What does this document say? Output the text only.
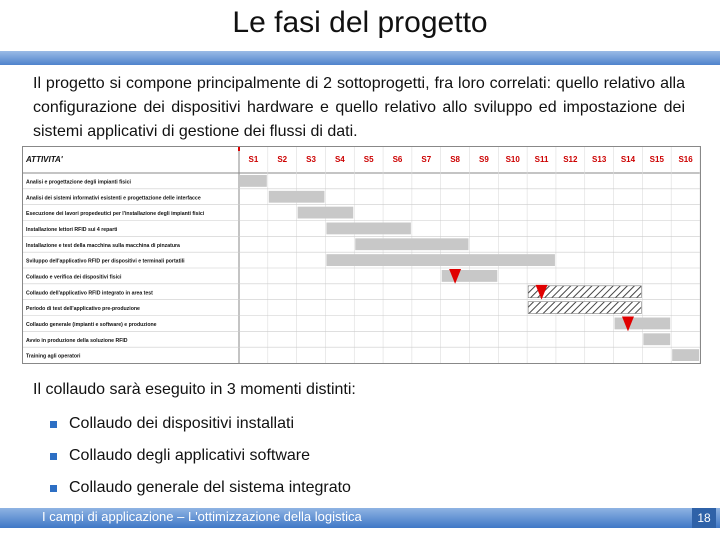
Le fasi del progetto

Il progetto si compone principalmente di 2 sottoprogetti, fra loro correlati: quello relativo alla configurazione dei dispositivi hardware e quello relativo allo sviluppo ed impostazione dei sistemi applicativi di gestione dei flussi di dati.

ATTIVITA'	S1 S2 S3 S4 S5 S6 S7 S8 S9 S10 S11 S12 S13 S14 S15 S16
Analisi e progettazione degli impianti fisici
Analisi dei sistemi informativi esistenti e progettazione delle interfacce
Esecuzione dei lavori propedeutici per l'installazione degli impianti fisici
Installazione lettori RFID sui 4 reparti
Installazione e test della macchina sulla macchina di pinzatura
Sviluppo dell'applicativo RFID per dispositivi e terminali portatili
Collaudo e verifica dei dispositivi fisici
Collaudo dell'applicativo RFID integrato in area test
Periodo di test dell'applicativo pre-produzione
Collaudo generale (impianti e software) e produzione
Avvio in produzione della soluzione RFID
Training agli operatori

Il collaudo sarà eseguito in 3 momenti distinti:

Collaudo dei dispositivi installati
Collaudo degli applicativi software
Collaudo generale del sistema integrato
I campi di applicazione – L'ottimizzazione della logistica	18
